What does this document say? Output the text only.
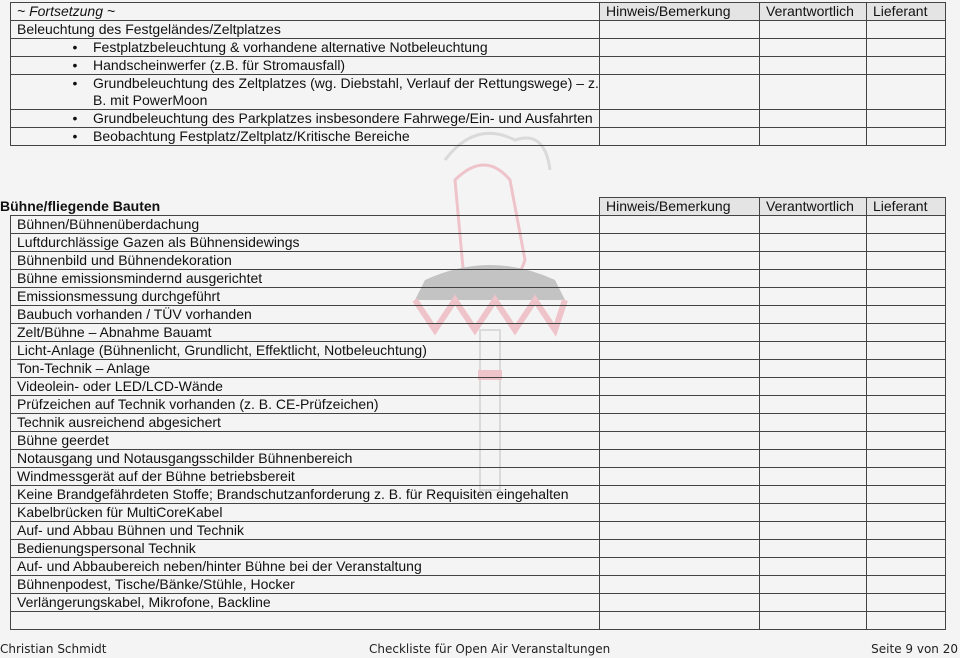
~ Fortsetzung ~	Hinweis/Bemerkung	Verantwortlich	Lieferant
Beleuchtung des Festgeländes/Zeltplatzes			

• Festplatzbeleuchtung & vorhandene alternative Notbeleuchtung			

• Handscheinwerfer (z.B. für Stromausfall)			

• Grundbeleuchtung des Zeltplatzes (wg. Diebstahl, Verlauf der Rettungswege) – z. B. mit PowerMoon			

• Grundbeleuchtung des Parkplatzes insbesondere Fahrwege/Ein- und Ausfahrten			

• Beobachtung Festplatz/Zeltplatz/Kritische Bereiche			

Bühne/fliegende Bauten
		Hinweis/Bemerkung	Verantwortlich	Lieferant
Bühnen/Bühnenüberdachung			
Luftdurchlässige Gazen als Bühnensidewings			
Bühnenbild und Bühnendekoration			
Bühne emissionsmindernd ausgerichtet			
Emissionsmessung durchgeführt			
Baubuch vorhanden / TÜV vorhanden			
Zelt/Bühne – Abnahme Bauamt			
Licht-Anlage (Bühnenlicht, Grundlicht, Effektlicht, Notbeleuchtung)			
Ton-Technik – Anlage			
Videolein- oder LED/LCD-Wände			
Prüfzeichen auf Technik vorhanden (z. B. CE-Prüfzeichen)			
Technik ausreichend abgesichert			
Bühne geerdet			
Notausgang und Notausgangsschilder Bühnenbereich			
Windmessgerät auf der Bühne betriebsbereit			
Keine Brandgefährdeten Stoffe; Brandschutzanforderung z. B. für Requisiten eingehalten			
Kabelbrücken für MultiCoreKabel			
Auf- und Abbau Bühnen und Technik			
Bedienungspersonal Technik			
Auf- und Abbaubereich neben/hinter Bühne bei der Veranstaltung			
Bühnenpodest, Tische/Bänke/Stühle, Hocker			
Verlängerungskabel, Mikrofone, Backline			

Christian Schmidt	Checkliste für Open Air Veranstaltungen	Seite 9 von 20
